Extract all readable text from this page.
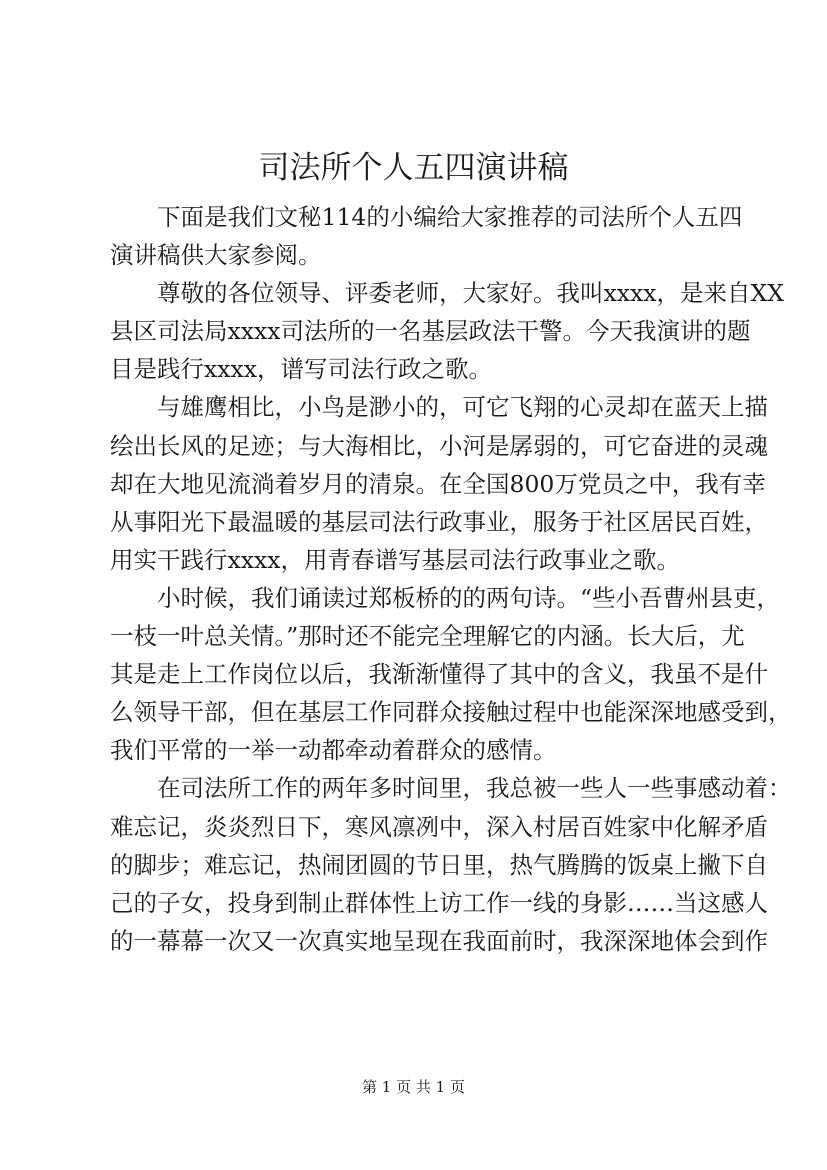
司法所个人五四演讲稿
下面是我们文秘114的小编给大家推荐的司法所个人五四
演讲稿供大家参阅。
尊敬的各位领导、评委老师，大家好。我叫xxxx，是来自XX
县区司法局xxxx司法所的一名基层政法干警。今天我演讲的题
目是践行xxxx，谱写司法行政之歌。
与雄鹰相比，小鸟是渺小的，可它飞翔的心灵却在蓝天上描
绘出长风的足迹；与大海相比，小河是孱弱的，可它奋进的灵魂
却在大地见流淌着岁月的清泉。在全国800万党员之中，我有幸
从事阳光下最温暖的基层司法行政事业，服务于社区居民百姓，
用实干践行xxxx，用青春谱写基层司法行政事业之歌。
小时候，我们诵读过郑板桥的的两句诗。“些小吾曹州县吏，
一枝一叶总关情。”那时还不能完全理解它的内涵。长大后，尤
其是走上工作岗位以后，我渐渐懂得了其中的含义，我虽不是什
么领导干部，但在基层工作同群众接触过程中也能深深地感受到，
我们平常的一举一动都牵动着群众的感情。
在司法所工作的两年多时间里，我总被一些人一些事感动着：
难忘记，炎炎烈日下，寒风凛冽中，深入村居百姓家中化解矛盾
的脚步；难忘记，热闹团圆的节日里，热气腾腾的饭桌上撇下自
己的子女，投身到制止群体性上访工作一线的身影……当这感人
的一幕幕一次又一次真实地呈现在我面前时，我深深地体会到作
第 1 页 共 1 页
